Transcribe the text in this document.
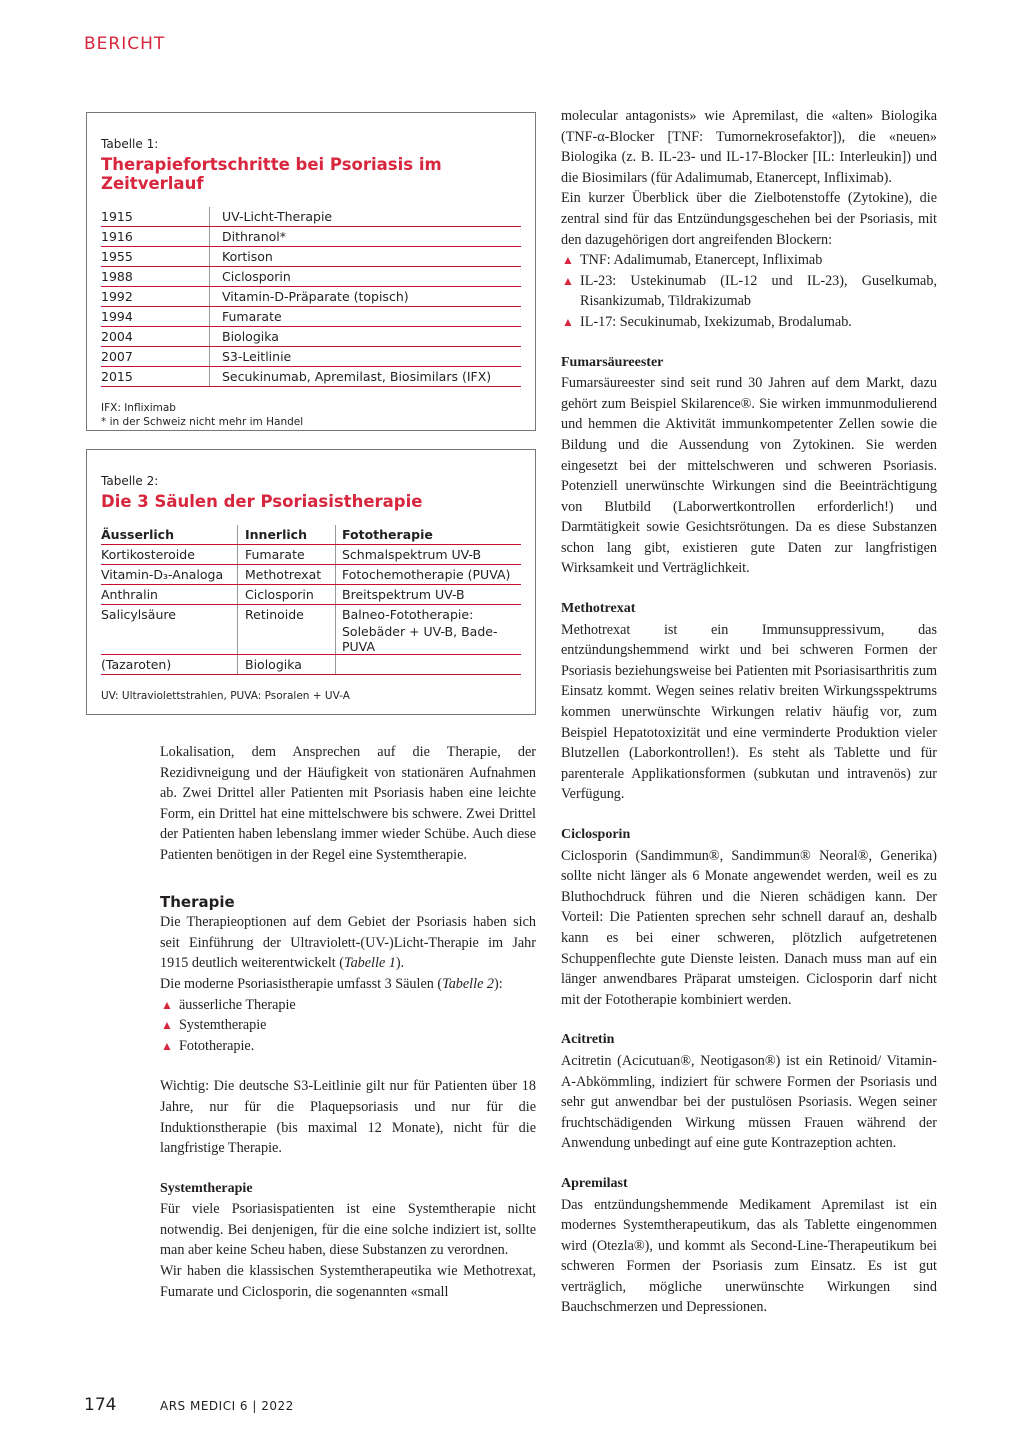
BERICHT
Tabelle 1:
Therapiefortschritte bei Psoriasis im Zeitverlauf
1915	UV-Licht-Therapie
1916	Dithranol*
1955	Kortison
1988	Ciclosporin
1992	Vitamin-D-Präparate (topisch)
1994	Fumarate
2004	Biologika
2007	S3-Leitlinie
2015	Secukinumab, Apremilast, Biosimilars (IFX)
IFX: Infliximab
* in der Schweiz nicht mehr im Handel
Tabelle 2:
Die 3 Säulen der Psoriasistherapie
Äusserlich	Innerlich	Fototherapie
Kortikosteroide	Fumarate	Schmalspektrum UV-B
Vitamin-D₃-Analoga	Methotrexat	Fotochemotherapie (PUVA)
Anthralin	Ciclosporin	Breitspektrum UV-B
Salicylsäure	Retinoide	Balneo-Fototherapie:
		Solebäder + UV-B, Bade-PUVA
(Tazaroten)	Biologika	
UV: Ultraviolettstrahlen, PUVA: Psoralen + UV-A

Lokalisation, dem Ansprechen auf die Therapie, der Rezidivneigung und der Häufigkeit von stationären Aufnahmen ab. Zwei Drittel aller Patienten mit Psoriasis haben eine leichte Form, ein Drittel hat eine mittelschwere bis schwere. Zwei Drittel der Patienten haben lebenslang immer wieder Schübe. Auch diese Patienten benötigen in der Regel eine Systemtherapie.

Therapie

Die Therapieoptionen auf dem Gebiet der Psoriasis haben sich seit Einführung der Ultraviolett-(UV-)Licht-Therapie im Jahr 1915 deutlich weiterentwickelt (Tabelle 1).

Die moderne Psoriasistherapie umfasst 3 Säulen (Tabelle 2):

▲ äusserliche Therapie
▲ Systemtherapie
▲ Fototherapie.

Wichtig: Die deutsche S3-Leitlinie gilt nur für Patienten über 18 Jahre, nur für die Plaquepsoriasis und nur für die Induktionstherapie (bis maximal 12 Monate), nicht für die langfristige Therapie.

Systemtherapie

Für viele Psoriasispatienten ist eine Systemtherapie nicht notwendig. Bei denjenigen, für die eine solche indiziert ist, sollte man aber keine Scheu haben, diese Substanzen zu verordnen.

Wir haben die klassischen Systemtherapeutika wie Methotrexat, Fumarate und Ciclosporin, die sogenannten «small

molecular antagonists» wie Apremilast, die «alten» Biologika (TNF-α-Blocker [TNF: Tumornekrosefaktor]), die «neuen» Biologika (z. B. IL-23- und IL-17-Blocker [IL: Interleukin]) und die Biosimilars (für Adalimumab, Etanercept, Infliximab).

Ein kurzer Überblick über die Zielbotenstoffe (Zytokine), die zentral sind für das Entzündungsgeschehen bei der Psoriasis, mit den dazugehörigen dort angreifenden Blockern:

▲ TNF: Adalimumab, Etanercept, Infliximab
▲ IL-23: Ustekinumab (IL-12 und IL-23), Guselkumab, Risankizumab, Tildrakizumab
▲ IL-17: Secukinumab, Ixekizumab, Brodalumab.
Fumarsäureester

Fumarsäureester sind seit rund 30 Jahren auf dem Markt, dazu gehört zum Beispiel Skilarence®. Sie wirken immunmodulierend und hemmen die Aktivität immunkompetenter Zellen sowie die Bildung und die Aussendung von Zytokinen. Sie werden eingesetzt bei der mittelschweren und schweren Psoriasis. Potenziell unerwünschte Wirkungen sind die Beeinträchtigung von Blutbild (Laborwertkontrollen erforderlich!) und Darmtätigkeit sowie Gesichtsrötungen. Da es diese Substanzen schon lang gibt, existieren gute Daten zur langfristigen Wirksamkeit und Verträglichkeit.

Methotrexat

Methotrexat ist ein Immunsuppressivum, das entzündungshemmend wirkt und bei schweren Formen der Psoriasis beziehungsweise bei Patienten mit Psoriasisarthritis zum Einsatz kommt. Wegen seines relativ breiten Wirkungsspektrums kommen unerwünschte Wirkungen relativ häufig vor, zum Beispiel Hepatotoxizität und eine verminderte Produktion vieler Blutzellen (Laborkontrollen!). Es steht als Tablette und für parenterale Applikationsformen (subkutan und intravenös) zur Verfügung.

Ciclosporin

Ciclosporin (Sandimmun®, Sandimmun® Neoral®, Generika) sollte nicht länger als 6 Monate angewendet werden, weil es zu Bluthochdruck führen und die Nieren schädigen kann. Der Vorteil: Die Patienten sprechen sehr schnell darauf an, deshalb kann es bei einer schweren, plötzlich aufgetretenen Schuppenflechte gute Dienste leisten. Danach muss man auf ein länger anwendbares Präparat umsteigen. Ciclosporin darf nicht mit der Fototherapie kombiniert werden.

Acitretin

Acitretin (Acicutuan®, Neotigason®) ist ein Retinoid/ Vitamin-A-Abkömmling, indiziert für schwere Formen der Psoriasis und sehr gut anwendbar bei der pustulösen Psoriasis. Wegen seiner fruchtschädigenden Wirkung müssen Frauen während der Anwendung unbedingt auf eine gute Kontrazeption achten.

Apremilast

Das entzündungshemmende Medikament Apremilast ist ein modernes Systemtherapeutikum, das als Tablette eingenommen wird (Otezla®), und kommt als Second-Line-Therapeutikum bei schweren Formen der Psoriasis zum Einsatz. Es ist gut verträglich, mögliche unerwünschte Wirkungen sind Bauchschmerzen und Depressionen.

174	ARS MEDICI 6 | 2022
